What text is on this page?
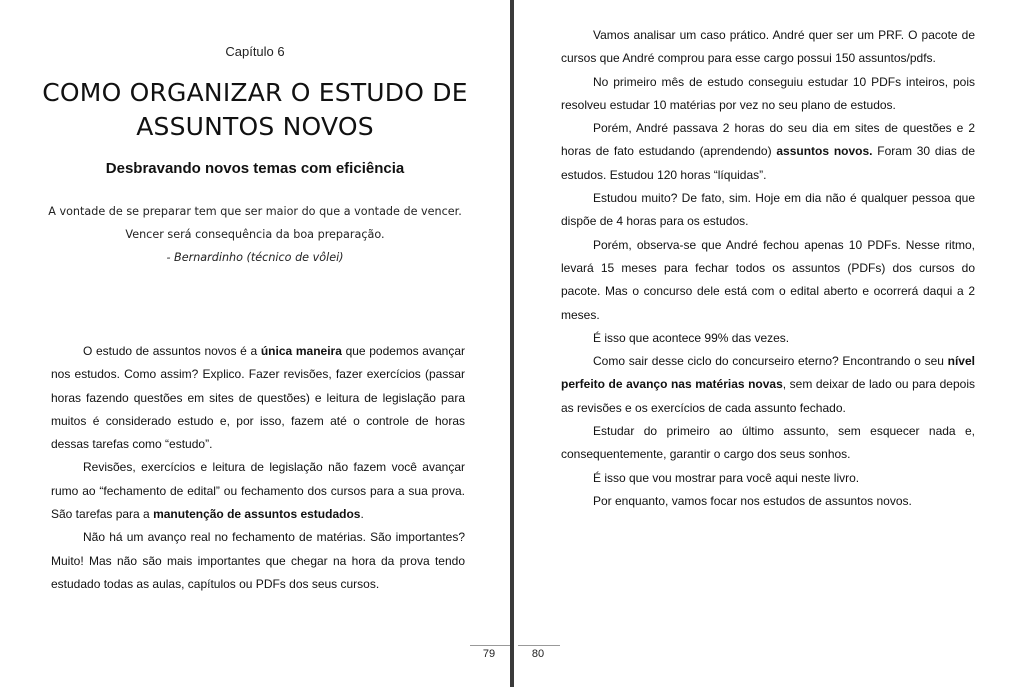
Capítulo 6
COMO ORGANIZAR O ESTUDO DE
ASSUNTOS NOVOS
Desbravando novos temas com eficiência
A vontade de se preparar tem que ser maior do que a vontade de vencer.
Vencer será consequência da boa preparação.
- Bernardinho (técnico de vôlei)

O estudo de assuntos novos é a única maneira que podemos avançar nos estudos. Como assim? Explico. Fazer revisões, fazer exercícios (passar horas fazendo questões em sites de questões) e leitura de legislação para muitos é considerado estudo e, por isso, fazem até o controle de horas dessas tarefas como “estudo”.

Revisões, exercícios e leitura de legislação não fazem você avançar rumo ao “fechamento de edital” ou fechamento dos cursos para a sua prova. São tarefas para a manutenção de assuntos estudados.

Não há um avanço real no fechamento de matérias. São importantes? Muito! Mas não são mais importantes que chegar na hora da prova tendo estudado todas as aulas, capítulos ou PDFs dos seus cursos.

79

Vamos analisar um caso prático. André quer ser um PRF. O pacote de cursos que André comprou para esse cargo possui 150 assuntos/pdfs.

No primeiro mês de estudo conseguiu estudar 10 PDFs inteiros, pois resolveu estudar 10 matérias por vez no seu plano de estudos.

Porém, André passava 2 horas do seu dia em sites de questões e 2 horas de fato estudando (aprendendo) assuntos novos. Foram 30 dias de estudos. Estudou 120 horas “líquidas”.

Estudou muito? De fato, sim. Hoje em dia não é qualquer pessoa que dispõe de 4 horas para os estudos.

Porém, observa-se que André fechou apenas 10 PDFs. Nesse ritmo, levará 15 meses para fechar todos os assuntos (PDFs) dos cursos do pacote. Mas o concurso dele está com o edital aberto e ocorrerá daqui a 2 meses.

É isso que acontece 99% das vezes.

Como sair desse ciclo do concurseiro eterno? Encontrando o seu nível perfeito de avanço nas matérias novas, sem deixar de lado ou para depois as revisões e os exercícios de cada assunto fechado.

Estudar do primeiro ao último assunto, sem esquecer nada e, consequentemente, garantir o cargo dos seus sonhos.

É isso que vou mostrar para você aqui neste livro.

Por enquanto, vamos focar nos estudos de assuntos novos.

80
